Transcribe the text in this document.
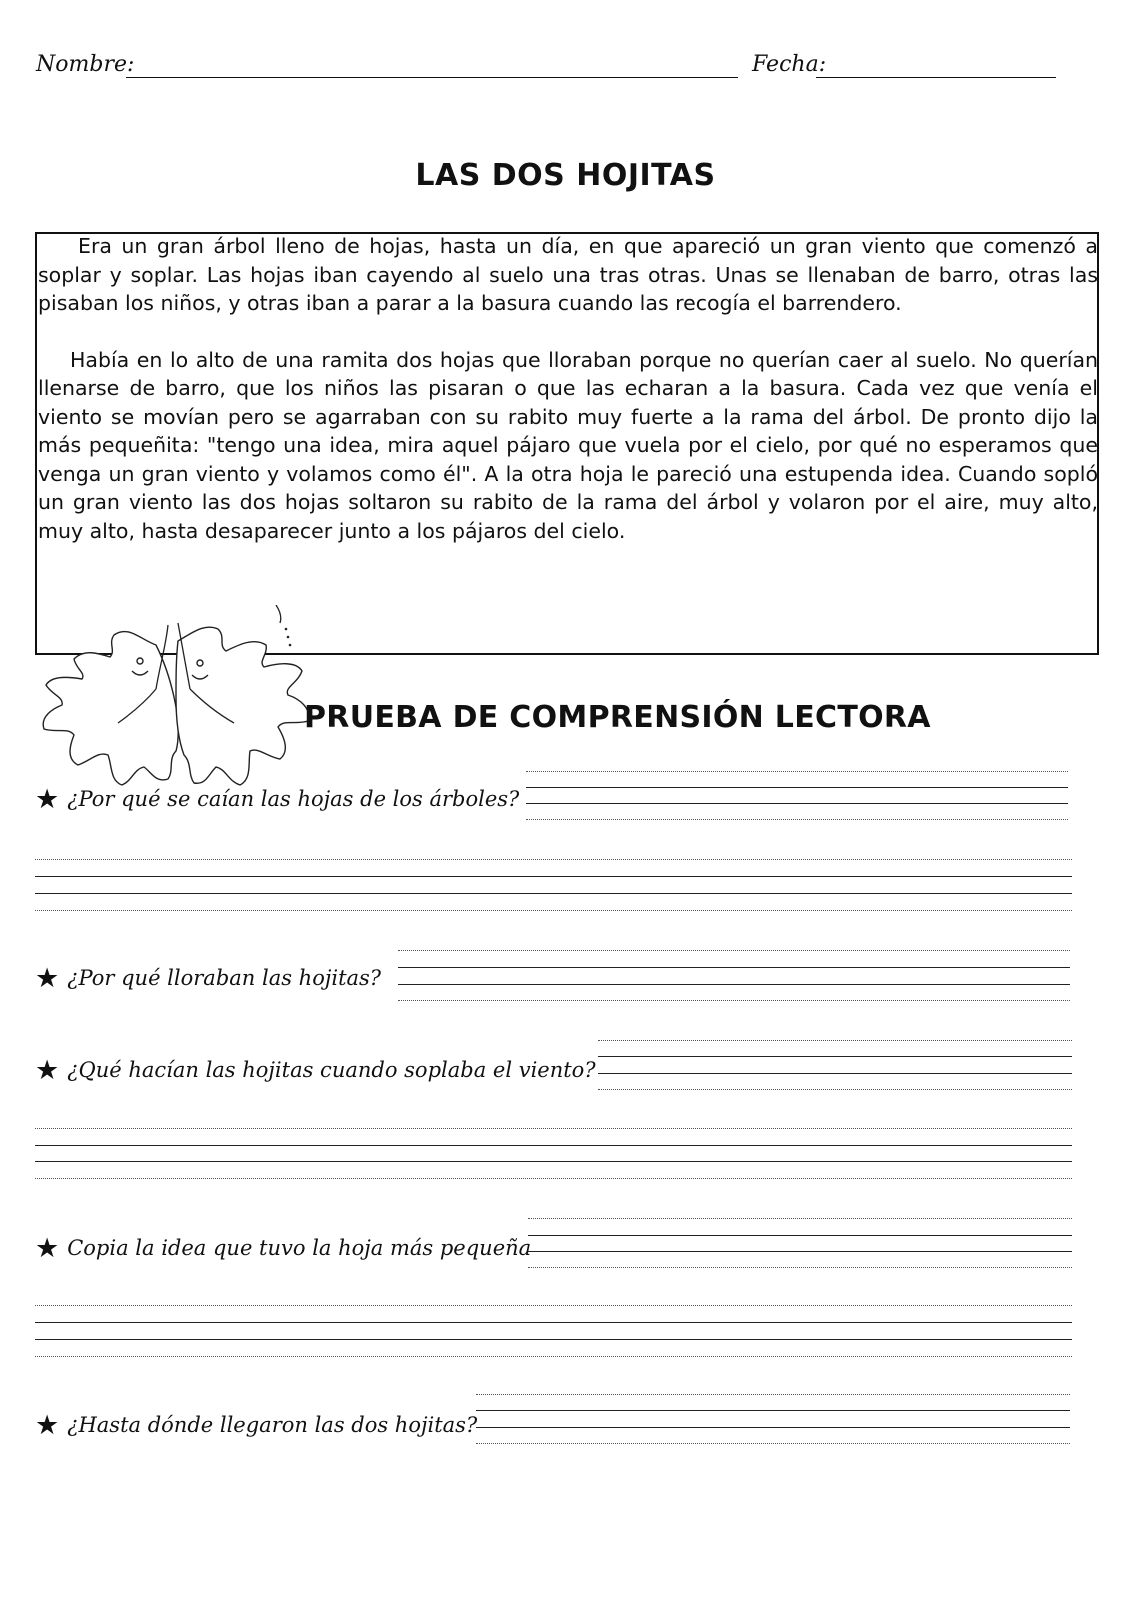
Nombre:	Fecha:
LAS DOS HOJITAS

Era un gran árbol lleno de hojas, hasta un día, en que apareció un gran viento que comenzó a soplar y soplar. Las hojas iban cayendo al suelo una tras otras. Unas se llenaban de barro, otras las pisaban los niños, y otras iban a parar a la basura cuando las recogía el barrendero.

Había en lo alto de una ramita dos hojas que lloraban porque no querían caer al suelo. No querían llenarse de barro, que los niños las pisaran o que las echaran a la basura. Cada vez que venía el viento se movían pero se agarraban con su rabito muy fuerte a la rama del árbol. De pronto dijo la más pequeñita: "tengo una idea, mira aquel pájaro que vuela por el cielo, por qué no esperamos que venga un gran viento y volamos como él". A la otra hoja le pareció una estupenda idea. Cuando sopló un gran viento las dos hojas soltaron su rabito de la rama del árbol y volaron por el aire, muy alto, muy alto, hasta desaparecer junto a los pájaros del cielo.

PRUEBA DE COMPRENSIÓN LECTORA
★ ¿Por qué se caían las hojas de los árboles?
★ ¿Por qué lloraban las hojitas?
★ ¿Qué hacían las hojitas cuando soplaba el viento?
★ Copia la idea que tuvo la hoja más pequeña
★ ¿Hasta dónde llegaron las dos hojitas?
